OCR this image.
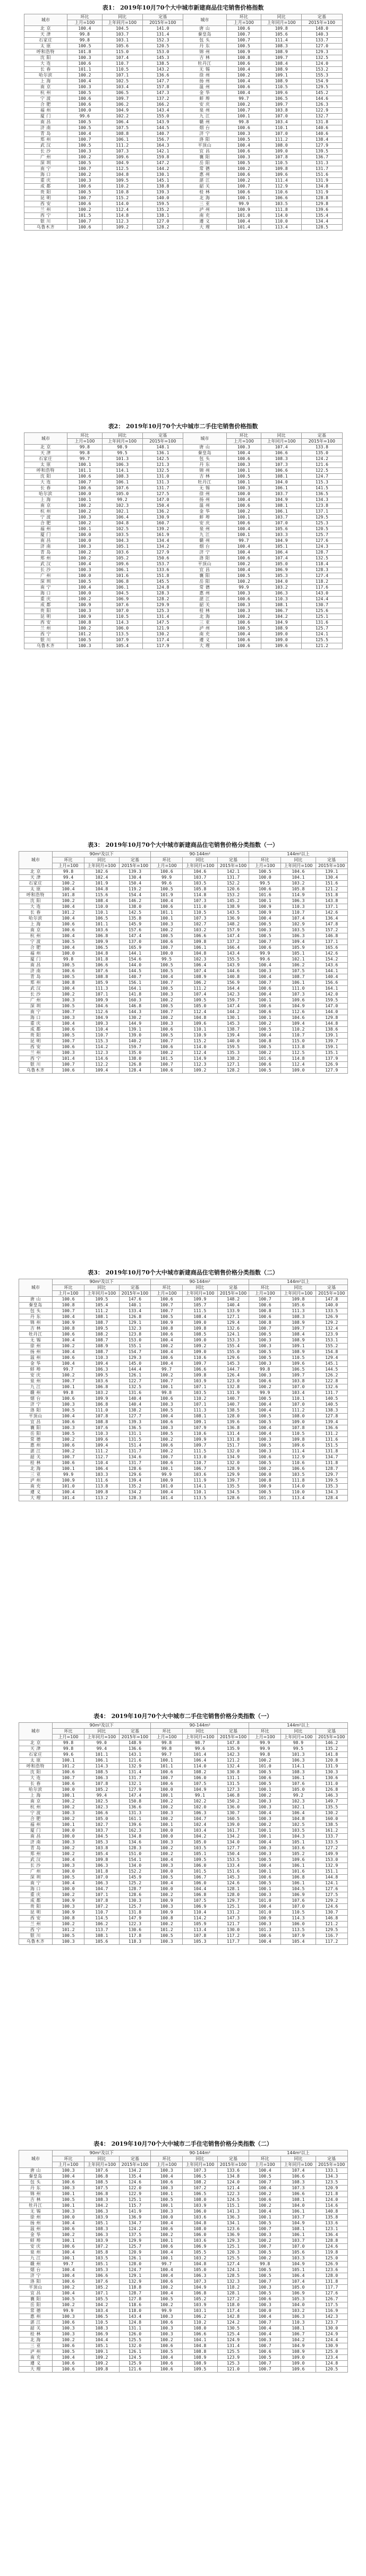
表1： 2019年10月70个大中城市新建商品住宅销售价格指数
城市	环比	同比	定基	城市	环比	同比	定基
	上月=100	上年同月=100	2015年=100		上月=100	上年同月=100	2015年=100
北 京	100.4	104.5	141.0	唐 山	100.6	109.8	148.0
天 津	99.8	103.7	131.4	秦皇岛	100.7	105.6	140.3
石家庄	99.8	103.1	152.3	包 头	100.7	111.4	133.7
太 原	100.5	105.6	120.5	丹 东	100.5	108.3	127.0
呼和浩特	101.8	115.0	153.0	锦 州	100.9	108.9	129.3
沈 阳	100.3	107.4	145.3	吉 林	100.8	109.7	132.5
大 连	100.6	110.7	138.5	牡丹江	100.6	108.4	124.0
长 春	101.1	110.5	143.2	无 锡	100.4	108.9	153.2
哈尔滨	100.2	107.1	136.6	徐 州	100.2	109.1	155.3
上 海	100.4	102.5	147.7	扬 州	100.4	108.9	154.9
南 京	100.3	103.4	157.8	温 州	100.6	110.5	129.5
杭 州	100.5	106.5	147.3	金 华	100.4	109.6	145.2
宁 波	100.6	109.7	137.2	蚌 埠	99.7	106.5	144.6
合 肥	100.6	106.2	166.2	安 庆	100.2	109.7	126.3
福 州	100.0	104.9	143.4	泉 州	100.7	103.8	122.9
厦 门	99.6	102.2	155.0	九 江	100.1	107.0	132.7
南 昌	100.5	106.4	143.9	赣 州	99.8	103.4	131.8
济 南	100.5	107.5	144.5	烟 台	100.6	110.1	140.6
青 岛	100.4	108.8	140.7	济 宁	100.3	107.0	140.6
郑 州	100.7	106.1	156.7	洛 阳	100.5	111.2	138.4
武 汉	100.5	111.2	164.3	平顶山	100.4	108.0	127.9
长 沙	100.3	107.3	142.1	宜 昌	100.6	109.0	139.5
广 州	100.2	109.6	159.8	襄 阳	100.3	107.8	136.7
深 圳	100.5	104.9	147.2	岳 阳	100.5	110.5	131.3
南 宁	100.7	112.5	144.2	常 德	100.2	109.8	131.7
海 口	100.2	104.8	130.1	惠 州	100.6	109.6	151.6
重 庆	100.3	109.5	145.1	湛 江	100.2	111.4	131.9
成 都	100.6	110.2	138.8	韶 关	100.7	112.9	134.8
贵 阳	100.5	110.8	139.3	桂 林	100.6	110.6	131.9
昆 明	100.7	115.2	140.0	北 海	100.1	106.6	128.8
西 安	100.6	114.0	159.5	三 亚	99.9	103.5	129.8
兰 州	100.2	112.4	135.2	泸 州	100.9	111.8	139.6
西 宁	101.5	114.8	138.1	南 充	101.0	114.0	135.4
银 川	100.7	112.3	127.0	遵 义	100.4	110.0	134.4
乌鲁木齐	100.6	109.2	128.2	大 理	101.4	113.4	128.5
表2： 2019年10月70个大中城市二手住宅销售价格指数
城市	环比	同比	定基	城市	环比	同比	定基
	上月=100	上年同月=100	2015年=100		上月=100	上年同月=100	2015年=100
北 京	99.8	98.9	148.1	唐 山	100.3	107.4	133.8
天 津	99.8	99.5	136.1	秦皇岛	100.4	106.6	135.0
石家庄	99.7	101.3	142.5	包 头	100.6	108.3	124.2
太 原	100.1	106.3	121.3	丹 东	100.3	107.3	121.6
呼和浩特	101.1	114.1	132.5	锦 州	100.1	106.6	122.5
沈 阳	100.6	108.3	131.0	吉 林	100.5	108.1	124.7
大 连	100.7	106.1	131.3	牡丹江	100.1	104.0	115.3
长 春	100.6	107.6	131.7	无 锡	100.3	106.1	141.5
哈尔滨	100.0	105.0	127.5	徐 州	100.0	103.7	136.5
上 海	100.1	99.2	147.0	扬 州	100.4	104.9	134.3
南 京	100.2	102.3	150.4	温 州	100.6	108.1	123.8
杭 州	100.2	102.1	136.2	金 华	100.2	106.1	137.1
宁 波	100.3	106.4	130.9	蚌 埠	100.1	103.7	129.5
合 肥	100.2	104.8	160.7	安 庆	100.6	107.0	125.3
福 州	100.1	102.5	139.2	泉 州	100.4	105.6	120.5
厦 门	100.0	103.5	161.9	九 江	100.1	103.3	125.7
南 昌	100.0	104.3	134.4	赣 州	99.7	104.9	127.6
济 南	100.3	105.1	134.2	烟 台	100.4	105.1	124.3
青 岛	100.2	103.6	127.9	济 宁	100.4	106.4	128.7
郑 州	100.2	105.2	150.6	洛 阳	100.6	107.4	132.5
武 汉	100.4	109.6	153.7	平顶山	100.2	105.0	118.4
长 沙	100.3	106.1	133.6	宜 昌	100.4	106.9	128.3
广 州	100.0	101.6	151.8	襄 阳	100.5	105.3	127.4
深 圳	100.5	106.8	145.5	岳 阳	100.2	104.0	118.2
南 宁	100.4	106.1	124.8	常 德	99.9	103.2	117.6
海 口	100.0	104.5	128.3	惠 州	100.3	106.3	143.0
重 庆	100.2	106.9	128.2	湛 江	100.6	110.3	124.4
成 都	100.9	107.6	129.9	韶 关	100.3	108.1	130.7
贵 阳	100.3	107.0	125.3	桂 林	100.3	106.7	125.6
昆 明	100.9	110.5	131.4	北 海	100.2	104.2	125.1
西 安	100.8	114.3	147.5	三 亚	100.6	104.9	131.6
兰 州	100.2	106.0	121.9	泸 州	100.5	108.9	125.7
西 宁	101.2	113.5	130.2	南 充	100.4	109.0	124.1
银 川	100.5	107.9	117.4	遵 义	100.6	109.0	125.5
乌鲁木齐	100.3	105.4	117.9	大 理	100.6	109.6	121.2
表3： 2019年10月70个大中城市新建商品住宅销售价格分类指数（一）
城市	90m²及以下			90-144m²			144m²以上		
	环比	同比	定基	环比	同比	定基	环比	同比	定基
	上月=100	上年同月=100	2015年=100	上月=100	上年同月=100	2015年=100	上月=100	上年同月=100	2015年=100
北 京	99.8	102.6	139.3	100.6	104.6	142.1	100.5	104.6	139.1
天 津	99.4	102.4	130.4	99.9	103.7	131.7	100.0	104.1	130.4
石家庄	100.2	101.9	150.4	99.6	103.5	152.2	99.5	103.2	151.6
太 原	100.4	104.8	119.2	100.5	105.8	120.6	100.6	105.8	121.2
呼和浩特	101.8	115.6	154.4	101.9	114.8	153.2	101.6	114.9	151.8
沈 阳	100.2	108.4	146.2	100.4	107.3	145.2	100.1	106.3	143.8
大 连	100.4	110.0	138.0	100.6	111.0	138.9	100.9	110.3	137.1
长 春	101.2	110.1	142.5	101.1	110.5	143.5	100.9	110.7	142.6
哈尔滨	100.4	106.5	135.8	100.1	107.3	136.9	100.4	107.4	136.4
上 海	100.6	101.1	145.9	100.3	102.7	148.2	100.5	102.9	147.8
南 京	100.6	103.6	157.6	100.2	103.2	157.9	100.3	103.5	157.2
杭 州	100.4	106.8	147.4	100.5	106.6	147.4	100.5	106.3	146.8
宁 波	100.5	109.9	137.0	100.6	109.8	137.2	100.7	109.4	137.1
合 肥	100.4	106.5	165.9	100.7	106.1	166.4	100.6	105.9	165.6
福 州	100.0	104.8	144.1	100.0	104.8	143.4	99.9	105.1	142.6
厦 门	99.8	101.8	154.6	99.5	102.3	155.5	99.6	102.1	154.2
南 昌	100.5	106.6	144.0	100.5	106.4	143.9	100.4	106.2	143.6
济 南	100.6	107.6	144.5	100.5	107.4	144.6	100.3	107.5	144.1
青 岛	100.5	108.8	140.7	100.4	108.9	140.8	100.4	108.7	140.4
郑 州	100.8	105.9	156.1	100.7	106.2	156.9	100.7	106.1	156.6
武 汉	100.4	111.3	164.1	100.5	111.2	164.4	100.6	111.0	164.1
长 沙	100.2	107.1	141.8	100.3	107.4	142.3	100.4	107.3	142.0
广 州	100.3	109.9	160.3	100.2	109.5	159.7	100.1	109.6	159.5
深 圳	100.5	104.6	146.8	100.5	105.0	147.4	100.6	104.9	147.0
南 宁	100.7	112.6	144.3	100.7	112.4	144.2	100.6	112.6	144.0
海 口	100.3	104.9	130.2	100.2	104.8	130.1	100.1	104.6	129.8
重 庆	100.4	109.3	144.9	100.3	109.6	145.3	100.2	109.4	144.8
成 都	100.6	110.4	139.1	100.6	110.1	138.7	100.5	110.2	138.6
贵 阳	100.5	110.7	139.0	100.5	110.9	139.4	100.4	110.7	139.1
昆 明	100.7	115.3	140.2	100.7	115.2	140.0	100.8	115.0	139.7
西 安	100.6	114.2	159.7	100.6	114.0	159.5	100.5	113.8	159.1
兰 州	100.3	112.3	135.0	100.2	112.4	135.3	100.2	112.5	135.1
西 宁	101.4	114.6	138.0	101.5	114.9	138.2	101.6	114.8	137.9
银 川	100.7	112.2	126.8	100.7	112.3	127.1	100.6	112.4	126.9
乌鲁木齐	100.6	109.4	128.4	100.6	109.2	128.2	100.5	109.0	127.9
表3： 2019年10月70个大中城市新建商品住宅销售价格分类指数（二）
城市	90m²及以下			90-144m²			144m²以上		
	环比	同比	定基	环比	同比	定基	环比	同比	定基
	上月=100	上年同月=100	2015年=100	上月=100	上年同月=100	2015年=100	上月=100	上年同月=100	2015年=100
唐 山	100.6	109.5	147.6	100.6	109.9	148.2	100.7	109.8	147.8
秦皇岛	100.8	105.4	140.1	100.7	105.7	140.4	100.6	105.6	140.0
包 头	100.7	111.2	133.4	100.7	111.5	133.9	100.8	111.3	133.5
丹 东	100.4	108.1	126.8	100.5	108.4	127.1	100.6	108.3	126.9
锦 州	100.9	108.7	129.1	100.9	109.0	129.4	100.8	108.9	129.2
吉 林	100.8	109.5	132.3	100.8	109.8	132.6	100.7	109.7	132.4
牡丹江	100.6	108.2	123.8	100.6	108.5	124.1	100.5	108.4	123.9
无 锡	100.4	108.7	153.0	100.4	109.0	153.3	100.3	108.9	153.1
徐 州	100.2	108.9	155.1	100.2	109.2	155.4	100.3	109.1	155.2
扬 州	100.4	108.7	154.7	100.4	109.0	155.0	100.5	108.9	154.8
温 州	100.6	110.3	129.3	100.6	110.6	129.6	100.5	110.5	129.4
金 华	100.4	109.4	145.0	100.4	109.7	145.3	100.3	109.6	145.1
蚌 埠	99.7	106.3	144.4	99.7	106.6	144.7	99.8	106.5	144.5
安 庆	100.2	109.5	126.1	100.2	109.8	126.4	100.3	109.7	126.2
泉 州	100.7	103.6	122.7	100.7	103.9	123.0	100.6	103.8	122.8
九 江	100.1	106.8	132.5	100.1	107.1	132.8	100.2	107.0	132.6
赣 州	99.8	103.2	131.6	99.8	103.5	131.9	99.9	103.4	131.7
烟 台	100.6	109.9	140.4	100.6	110.2	140.7	100.5	110.1	140.5
济 宁	100.3	106.8	140.4	100.3	107.1	140.7	100.4	107.0	140.5
洛 阳	100.5	111.0	138.2	100.5	111.3	138.5	100.4	111.2	138.3
平顶山	100.4	107.8	127.7	100.4	108.1	128.0	100.5	108.0	127.8
宜 昌	100.6	108.8	139.3	100.6	109.1	139.6	100.5	109.0	139.4
襄 阳	100.3	107.6	136.5	100.3	107.9	136.8	100.4	107.8	136.6
岳 阳	100.5	110.3	131.1	100.5	110.6	131.4	100.4	110.5	131.2
常 德	100.2	109.6	131.5	100.2	109.9	131.8	100.3	109.8	131.6
惠 州	100.6	109.4	151.4	100.6	109.7	151.7	100.5	109.6	151.5
湛 江	100.2	111.2	131.7	100.2	111.5	132.0	100.3	111.4	131.8
韶 关	100.7	112.7	134.6	100.7	113.0	134.9	100.6	112.9	134.7
桂 林	100.6	110.4	131.7	100.6	110.7	132.0	100.5	110.6	131.8
北 海	100.1	106.4	128.6	100.1	106.7	128.9	100.2	106.6	128.7
三 亚	99.9	103.3	129.6	99.9	103.6	129.9	100.0	103.5	129.7
泸 州	100.9	111.6	139.4	100.9	111.9	139.7	100.8	111.8	139.5
南 充	101.0	113.8	135.2	101.0	114.1	135.5	100.9	114.0	135.3
遵 义	100.4	109.8	134.2	100.4	110.1	134.5	100.5	110.0	134.3
大 理	101.4	113.2	128.3	101.4	113.5	128.6	101.3	113.4	128.4
表4： 2019年10月70个大中城市二手住宅销售价格分类指数（一）
城市	90m²及以下			90-144m²			144m²以上		
	环比	同比	定基	环比	同比	定基	环比	同比	定基
	上月=100	上年同月=100	2015年=100	上月=100	上年同月=100	2015年=100	上月=100	上年同月=100	2015年=100
北 京	99.8	99.0	148.9	99.8	98.7	147.8	99.9	98.9	146.2
天 津	99.8	99.4	136.6	99.8	99.6	135.9	99.9	99.5	135.2
石家庄	99.6	101.1	143.1	99.7	101.4	142.3	99.8	101.3	141.8
太 原	100.1	106.1	121.6	100.1	106.4	121.2	100.2	106.3	120.8
呼和浩特	101.2	114.3	132.9	101.1	114.0	132.4	101.0	114.1	131.9
沈 阳	100.6	108.5	131.4	100.6	108.2	130.8	100.5	108.3	130.3
大 连	100.7	106.3	131.7	100.7	106.0	131.1	100.6	106.1	130.6
长 春	100.6	107.8	132.1	100.6	107.5	131.5	100.5	107.6	131.0
哈尔滨	100.0	105.2	127.9	100.0	104.9	127.3	100.1	105.0	126.8
上 海	100.1	99.4	147.4	100.1	99.1	146.8	100.2	99.2	146.3
南 京	100.2	102.5	150.8	100.2	102.2	150.2	100.3	102.3	149.7
杭 州	100.2	102.3	136.6	100.2	102.0	136.0	100.3	102.1	135.5
宁 波	100.3	106.6	131.3	100.3	106.3	130.7	100.4	106.4	130.2
合 肥	100.2	105.0	161.1	100.2	104.7	160.5	100.3	104.8	160.0
福 州	100.1	102.7	139.6	100.1	102.4	139.0	100.2	102.5	138.5
厦 门	100.0	103.7	162.3	100.0	103.4	161.7	100.1	103.5	161.2
南 昌	100.0	104.5	134.8	100.0	104.2	134.2	100.1	104.3	133.7
济 南	100.3	105.3	134.6	100.3	105.0	134.0	100.4	105.1	133.5
青 岛	100.2	103.8	128.3	100.2	103.5	127.7	100.3	103.6	127.2
郑 州	100.2	105.4	151.0	100.2	105.1	150.4	100.3	105.2	149.9
武 汉	100.4	109.8	154.1	100.4	109.5	153.5	100.5	109.6	153.0
长 沙	100.3	106.3	134.0	100.3	106.0	133.4	100.4	106.1	132.9
广 州	100.0	101.8	152.2	100.0	101.5	151.6	100.1	101.6	151.1
深 圳	100.5	107.0	145.9	100.5	106.7	145.3	100.6	106.8	144.8
南 宁	100.4	106.3	125.2	100.4	106.0	124.6	100.5	106.1	124.1
海 口	100.0	104.7	128.7	100.0	104.4	128.1	100.1	104.5	127.6
重 庆	100.2	107.1	128.6	100.2	106.8	128.0	100.3	106.9	127.5
成 都	100.9	107.8	130.3	100.9	107.5	129.7	101.0	107.6	129.2
贵 阳	100.3	107.2	125.7	100.3	106.9	125.1	100.4	107.0	124.6
昆 明	100.9	110.7	131.8	100.9	110.4	131.2	101.0	110.5	130.7
西 安	100.8	114.5	147.9	100.8	114.2	147.3	100.9	114.3	146.8
兰 州	100.2	106.2	122.3	100.2	105.9	121.7	100.3	106.0	121.2
西 宁	101.2	113.7	130.6	101.2	113.4	130.0	101.3	113.5	129.5
银 川	100.5	108.1	117.8	100.5	107.8	117.2	100.6	107.9	116.7
乌鲁木齐	100.3	105.6	118.3	100.3	105.3	117.7	100.4	105.4	117.2
表4： 2019年10月70个大中城市二手住宅销售价格分类指数（二）
城市	90m²及以下			90-144m²			144m²以上		
	环比	同比	定基	环比	同比	定基	环比	同比	定基
	上月=100	上年同月=100	2015年=100	上月=100	上年同月=100	2015年=100	上月=100	上年同月=100	2015年=100
唐 山	100.3	107.6	134.2	100.3	107.3	133.6	100.4	107.4	133.1
秦皇岛	100.4	106.8	135.4	100.4	106.5	134.8	100.5	106.6	134.3
包 头	100.6	108.5	124.6	100.6	108.2	124.0	100.7	108.3	123.5
丹 东	100.3	107.5	122.0	100.3	107.2	121.4	100.4	107.3	120.9
锦 州	100.1	106.8	122.9	100.1	106.5	122.3	100.2	106.6	121.8
吉 林	100.5	108.3	125.1	100.5	108.0	124.5	100.6	108.1	124.0
牡丹江	100.1	104.2	115.7	100.1	103.9	115.1	100.2	104.0	114.6
无 锡	100.3	106.3	141.9	100.3	106.0	141.3	100.4	106.1	140.8
徐 州	100.0	103.9	136.9	100.0	103.6	136.3	100.1	103.7	135.8
扬 州	100.4	105.1	134.7	100.4	104.8	134.1	100.5	104.9	133.6
温 州	100.6	108.3	124.2	100.6	108.0	123.6	100.7	108.1	123.1
金 华	100.2	106.3	137.5	100.2	106.0	136.9	100.3	106.1	136.4
蚌 埠	100.1	103.9	129.9	100.1	103.6	129.3	100.2	103.7	128.8
安 庆	100.6	107.2	125.7	100.6	106.9	125.1	100.7	107.0	124.6
泉 州	100.4	105.8	120.9	100.4	105.5	120.3	100.5	105.6	119.8
九 江	100.1	103.5	126.1	100.1	103.2	125.5	100.2	103.3	125.0
赣 州	99.7	105.1	128.0	99.7	104.8	127.4	99.8	104.9	126.9
烟 台	100.4	105.3	124.7	100.4	105.0	124.1	100.5	105.1	123.6
济 宁	100.4	106.6	129.1	100.4	106.3	128.5	100.5	106.4	128.0
洛 阳	100.6	107.6	132.9	100.6	107.3	132.3	100.7	107.4	131.8
平顶山	100.2	105.2	118.8	100.2	104.9	118.2	100.3	105.0	117.7
宜 昌	100.4	107.1	128.7	100.4	106.8	128.1	100.5	106.9	127.6
襄 阳	100.5	105.5	127.8	100.5	105.2	127.2	100.6	105.3	126.7
岳 阳	100.2	104.2	118.6	100.2	103.9	118.0	100.3	104.0	117.5
常 德	99.9	103.4	118.0	99.9	103.1	117.4	100.0	103.2	116.9
惠 州	100.3	106.5	143.4	100.3	106.2	142.8	100.4	106.3	142.3
湛 江	100.6	110.5	124.8	100.6	110.2	124.2	100.7	110.3	123.7
韶 关	100.3	108.3	131.1	100.3	108.0	130.5	100.4	108.1	130.0
桂 林	100.3	106.9	126.0	100.3	106.6	125.4	100.4	106.7	124.9
北 海	100.2	104.4	125.5	100.2	104.1	124.9	100.3	104.2	124.4
三 亚	100.6	105.1	132.0	100.6	104.8	131.4	100.7	104.9	130.9
泸 州	100.5	109.1	126.1	100.5	108.8	125.5	100.6	108.9	125.0
南 充	100.4	109.2	124.5	100.4	108.9	123.9	100.5	109.0	123.4
遵 义	100.6	109.2	125.9	100.6	108.9	125.3	100.7	109.0	124.8
大 理	100.6	109.8	121.6	100.6	109.5	121.0	100.7	109.6	120.5
